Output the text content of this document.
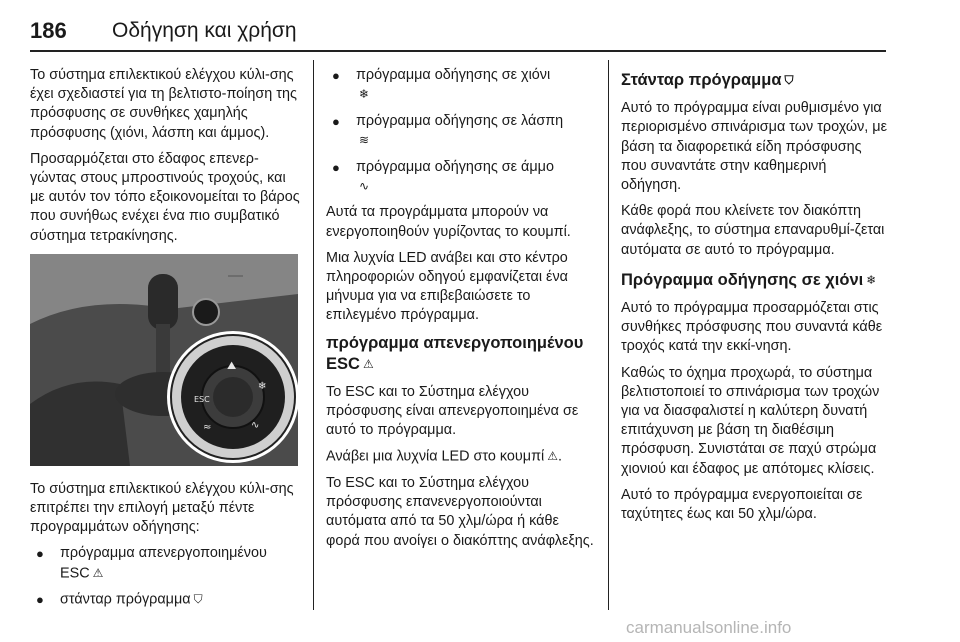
186 Οδήγηση και χρήση

Το σύστημα επιλεκτικού ελέγχου κύλι-σης έχει σχεδιαστεί για τη βελτιστο-ποίηση της πρόσφυσης σε συνθήκες χαμηλής πρόσφυσης (χιόνι, λάσπη και άμμος).

Προσαρμόζεται στο έδαφος επενερ-γώντας στους μπροστινούς τροχούς, και με αυτόν τον τόπο εξοικονομείται το βάρος που συνήθως ενέχει ένα πιο συμβατικό σύστημα τετρακίνησης.

⛰
ESC
❄
≈	∿

Το σύστημα επιλεκτικού ελέγχου κύλι-σης επιτρέπει την επιλογή μεταξύ πέντε προγραμμάτων οδήγησης:

● πρόγραμμα απενεργοποιημένου ESC ⚠
● στάνταρ πρόγραμμα ⛉
● πρόγραμμα οδήγησης σε χιόνι
❄
● πρόγραμμα οδήγησης σε λάσπη
≋
● πρόγραμμα οδήγησης σε άμμο
∿

Αυτά τα προγράμματα μπορούν να ενεργοποιηθούν γυρίζοντας το κουμπί.

Μια λυχνία LED ανάβει και στο κέντρο πληροφοριών οδηγού εμφανίζεται ένα μήνυμα για να επιβεβαιώσετε το επιλεγμένο πρόγραμμα.

πρόγραμμα απενεργοποιημένου ESC ⚠

Το ESC και το Σύστημα ελέγχου πρόσφυσης είναι απενεργοποιημένα σε αυτό το πρόγραμμα.

Ανάβει μια λυχνία LED στο κουμπί ⚠.

Το ESC και το Σύστημα ελέγχου πρόσφυσης επανενεργοποιούνται αυτόματα από τα 50 χλμ/ώρα ή κάθε φορά που ανοίγει ο διακόπτης ανάφλεξης.

Στάνταρ πρόγραμμα ⛉

Αυτό το πρόγραμμα είναι ρυθμισμένο για περιορισμένο σπινάρισμα των τροχών, με βάση τα διαφορετικά είδη πρόσφυσης που συναντάτε στην καθημερινή οδήγηση.

Κάθε φορά που κλείνετε τον διακόπτη ανάφλεξης, το σύστημα επαναρυθμί-ζεται αυτόματα σε αυτό το πρόγραμμα.

Πρόγραμμα οδήγησης σε χιόνι ❄

Αυτό το πρόγραμμα προσαρμόζεται στις συνθήκες πρόσφυσης που συναντά κάθε τροχός κατά την εκκί-νηση.

Καθώς το όχημα προχωρά, το σύστημα βελτιστοποιεί το σπινάρισμα των τροχών για να διασφαλιστεί η καλύτερη δυνατή επιτάχυνση με βάση τη διαθέσιμη πρόσφυση. Συνιστάται σε παχύ στρώμα χιονιού και έδαφος με απότομες κλίσεις.

Αυτό το πρόγραμμα ενεργοποιείται σε ταχύτητες έως και 50 χλμ/ώρα.

carmanualsonline.info
